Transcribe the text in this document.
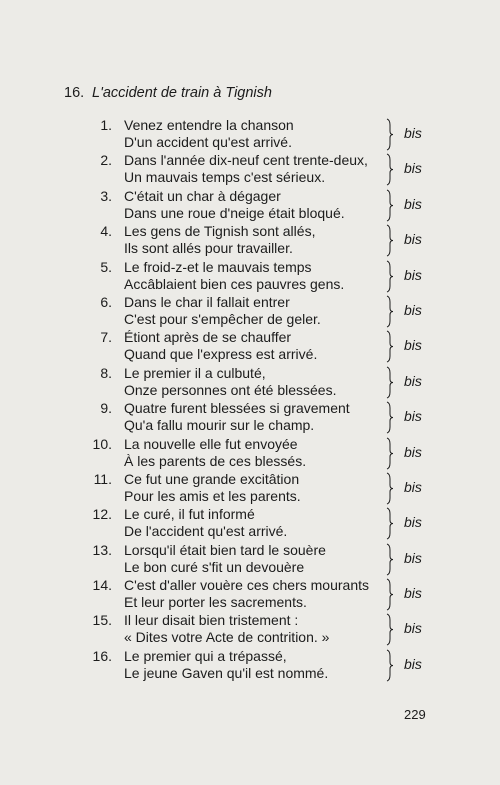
16. L'accident de train à Tignish
1. Venez entendre la chanson
D'un accident qu'est arrivé.
bis
2. Dans l'année dix-neuf cent trente-deux,
Un mauvais temps c'est sérieux.
bis
3. C'était un char à dégager
Dans une roue d'neige était bloqué.
bis
4. Les gens de Tignish sont allés,
Ils sont allés pour travailler.
bis
5. Le froid-z-et le mauvais temps
Accâblaient bien ces pauvres gens.
bis
6. Dans le char il fallait entrer
C'est pour s'empêcher de geler.
bis
7. Étiont après de se chauffer
Quand que l'express est arrivé.
bis
8. Le premier il a culbuté,
Onze personnes ont été blessées.
bis
9. Quatre furent blessées si gravement
Qu'a fallu mourir sur le champ.
bis
10. La nouvelle elle fut envoyée
À les parents de ces blessés.
bis
11. Ce fut une grande excitâtion
Pour les amis et les parents.
bis
12. Le curé, il fut informé
De l'accident qu'est arrivé.
bis
13. Lorsqu'il était bien tard le souère
Le bon curé s'fit un devouère
bis
14. C'est d'aller vouère ces chers mourants
Et leur porter les sacrements.
bis
15. Il leur disait bien tristement :
« Dites votre Acte de contrition. »
bis
16. Le premier qui a trépassé,
Le jeune Gaven qu'il est nommé.
bis
229
